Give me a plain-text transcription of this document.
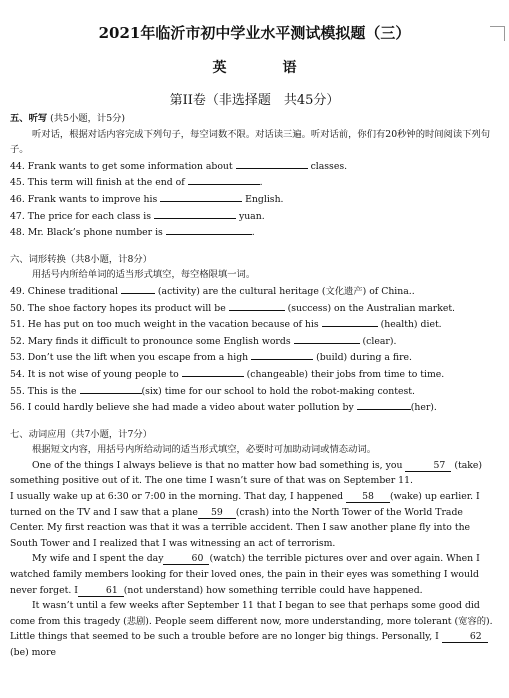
2021年临沂市初中学业水平测试模拟题（三）
英	语
第II卷（非选择题　共45分）
五、听写 (共5小题，计5分)
听对话，根据对话内容完成下列句子，每空词数不限。对话读三遍。听对话前，你们有20秒钟的时间阅读下列句子。
44. Frank wants to get some information about	classes.
45. This term will finish at the end of	.
46. Frank wants to improve his	English.
47. The price for each class is	yuan.
48. Mr. Black’s phone number is	.
六、词形转换（共8小题，计8分）
用括号内所给单词的适当形式填空，每空格限填一词。
49. Chinese traditional	(activity) are the cultural heritage (文化遗产) of China..
50. The shoe factory hopes its product will be	(success) on the Australian market.
51. He has put on too much weight in the vacation because of his	(health) diet.
52. Mary finds it difficult to pronounce some English words	(clear).
53. Don’t use the lift when you escape from a high	(build) during a fire.
54. It is not wise of young people to	(changeable) their jobs from time to time.
55. This is the	(six) time for our school to hold the robot-making contest.
56. I could hardly believe she had made a video about water pollution by	(her).
七、动词应用（共7小题，计7分）
根据短文内容，用括号内所给动词的适当形式填空，必要时可加助动词或情态动词。
One of the things I always believe is that no matter how bad something is, you	57 (take) something positive out of it. The one time I wasn’t sure of that was on September 11.
I usually wake up at 6:30 or 7:00 in the morning. That day, I happened 58 (wake) up earlier. I turned on the TV and I saw that a plane 59 (crash) into the North Tower of the World Trade Center. My first reaction was that it was a terrible accident. Then I saw another plane fly into the South Tower and I realized that I was witnessing an act of terrorism.
My wife and I spent the day	60 (watch) the terrible pictures over and over again. When I watched family members looking for their loved ones, the pain in their eyes was something I would never forget. I	61 (not understand) how something terrible could have happened.
It wasn’t until a few weeks after September 11 that I began to see that perhaps some good did come from this tragedy (悲剧). People seem different now, more understanding, more tolerant (宽容的). Little things that seemed to be such a trouble before are no longer big things. Personally, I	62(be) more
